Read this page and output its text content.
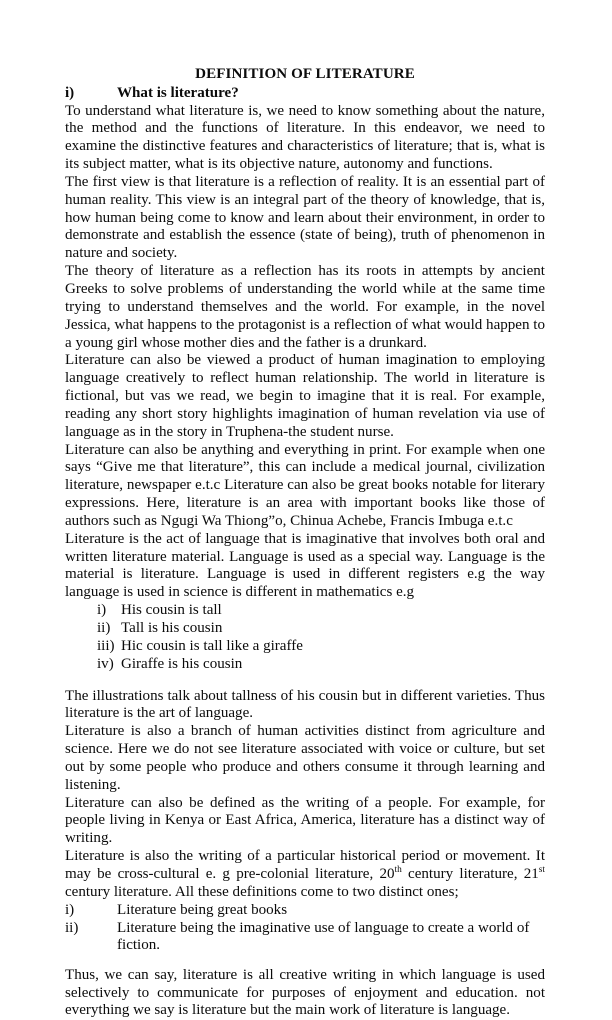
DEFINITION OF LITERATURE
i)	What is literature?

To understand what literature is, we need to know something about the nature, the method and the functions of literature. In this endeavor, we need to examine the distinctive features and characteristics of literature; that is, what is its subject matter, what is its objective nature, autonomy and functions.

The first view is that literature is a reflection of reality. It is an essential part of human reality. This view is an integral part of the theory of knowledge, that is, how human being come to know and learn about their environment, in order to demonstrate and establish the essence (state of being), truth of phenomenon in nature and society.

The theory of literature as a reflection has its roots in attempts by ancient Greeks to solve problems of understanding the world while at the same time trying to understand themselves and the world. For example, in the novel Jessica, what happens to the protagonist is a reflection of what would happen to a young girl whose mother dies and the father is a drunkard.

Literature can also be viewed a product of human imagination to employing language creatively to reflect human relationship. The world in literature is fictional, but vas we read, we begin to imagine that it is real. For example, reading any short story highlights imagination of human revelation via use of language as in the story in Truphena-the student nurse.

Literature can also be anything and everything in print. For example when one says “Give me that literature”, this can include a medical journal, civilization literature, newspaper e.t.c Literature can also be great books notable for literary expressions. Here, literature is an area with important books like those of authors such as Ngugi Wa Thiong”o, Chinua Achebe, Francis Imbuga e.t.c

Literature is the act of language that is imaginative that involves both oral and written literature material. Language is used as a special way. Language is the material is literature. Language is used in different registers e.g the way language is used in science is different in mathematics e.g

i) His cousin is tall
ii) Tall is his cousin
iii) Hic cousin is tall like a giraffe
iv) Giraffe is his cousin

The illustrations talk about tallness of his cousin but in different varieties. Thus literature is the art of language.

Literature is also a branch of human activities distinct from agriculture and science. Here we do not see literature associated with voice or culture, but set out by some people who produce and others consume it through learning and listening.

Literature can also be defined as the writing of a people. For example, for people living in Kenya or East Africa, America, literature has a distinct way of writing.

Literature is also the writing of a particular historical period or movement. It may be cross-cultural e. g pre-colonial literature, 20th century literature, 21st century literature. All these definitions come to two distinct ones;

i)	Literature being great books
ii)	Literature being the imaginative use of language to create a world of fiction.

Thus, we can say, literature is all creative writing in which language is used selectively to communicate for purposes of enjoyment and education. not everything we say is literature but the main work of literature is language.
